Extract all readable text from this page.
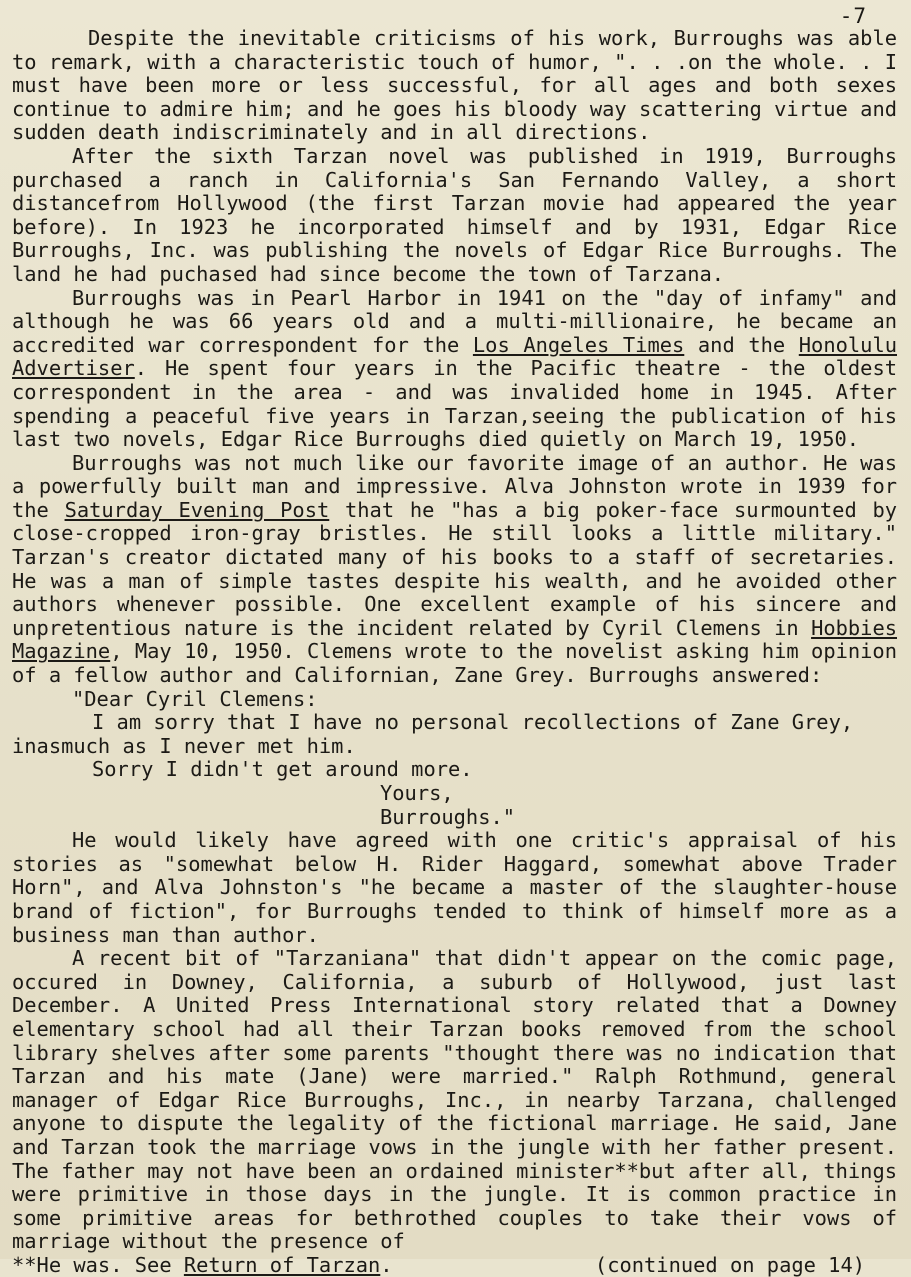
-7

Despite the inevitable criticisms of his work, Burroughs was able to remark, with a characteristic touch of humor, ". . .on the whole. . I must have been more or less successful, for all ages and both sexes continue to admire him; and he goes his bloody way scattering virtue and sudden death indiscriminately and in all directions.

After the sixth Tarzan novel was published in 1919, Burroughs purchased a ranch in California's San Fernando Valley, a short distancefrom Hollywood (the first Tarzan movie had appeared the year before). In 1923 he incorporated himself and by 1931, Edgar Rice Burroughs, Inc. was publishing the novels of Edgar Rice Burroughs. The land he had puchased had since become the town of Tarzana.

Burroughs was in Pearl Harbor in 1941 on the "day of infamy" and although he was 66 years old and a multi-millionaire, he became an accredited war correspondent for the Los Angeles Times and the Honolulu Advertiser. He spent four years in the Pacific theatre - the oldest correspondent in the area - and was invalided home in 1945. After spending a peaceful five years in Tarzan,seeing the publication of his last two novels, Edgar Rice Burroughs died quietly on March 19, 1950.

Burroughs was not much like our favorite image of an author. He was a powerfully built man and impressive. Alva Johnston wrote in 1939 for the Saturday Evening Post that he "has a big poker-face surmounted by close-cropped iron-gray bristles. He still looks a little military." Tarzan's creator dictated many of his books to a staff of secretaries. He was a man of simple tastes despite his wealth, and he avoided other authors whenever possible. One excellent example of his sincere and unpretentious nature is the incident related by Cyril Clemens in Hobbies Magazine, May 10, 1950. Clemens wrote to the novelist asking him opinion of a fellow author and Californian, Zane Grey. Burroughs answered:

"Dear Cyril Clemens:

I am sorry that I have no personal recollections of Zane Grey, inasmuch as I never met him.

Sorry I didn't get around more.

Yours,

Burroughs."

He would likely have agreed with one critic's appraisal of his stories as "somewhat below H. Rider Haggard, somewhat above Trader Horn", and Alva Johnston's "he became a master of the slaughter-house brand of fiction", for Burroughs tended to think of himself more as a business man than author.

A recent bit of "Tarzaniana" that didn't appear on the comic page, occured in Downey, California, a suburb of Hollywood, just last December. A United Press International story related that a Downey elementary school had all their Tarzan books removed from the school library shelves after some parents "thought there was no indication that Tarzan and his mate (Jane) were married." Ralph Rothmund, general manager of Edgar Rice Burroughs, Inc., in nearby Tarzana, challenged anyone to dispute the legality of the fictional marriage. He said, Jane and Tarzan took the marriage vows in the jungle with her father present. The father may not have been an ordained minister**but after all, things were primitive in those days in the jungle. It is common practice in some primitive areas for bethrothed couples to take their vows of marriage without the presence of

**He was. See Return of Tarzan.	(continued on page 14)
